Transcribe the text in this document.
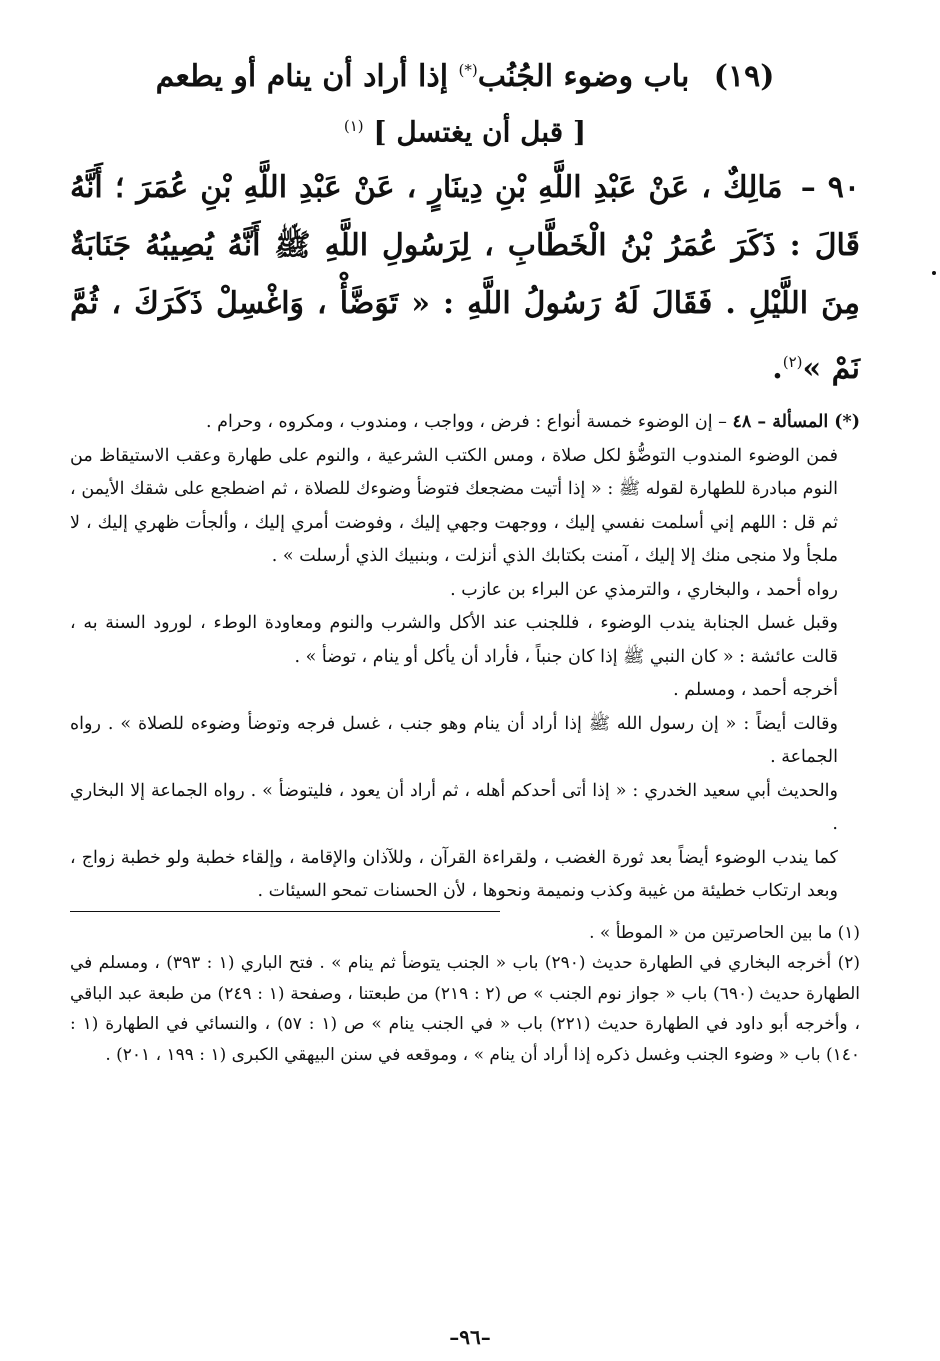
(١٩) باب وضوء الجُنُب(*) إذا أراد أن ينام أو يطعم
[ قبل أن يغتسل ] $^{(١)}$

٩٠ – مَالِكٌ ، عَنْ عَبْدِ اللَّهِ بْنِ دِينَارٍ ، عَنْ عَبْدِ اللَّهِ بْنِ عُمَرَ ؛ أَنَّهُ قَالَ : ذَكَرَ عُمَرُ بْنُ الْخَطَّابِ ، لِرَسُولِ اللَّهِ ﷺ أَنَّهُ يُصِيبُهُ جَنَابَةٌ مِنَ اللَّيْلِ . فَقَالَ لَهُ رَسُولُ اللَّهِ : « تَوَضَّأْ ، وَاغْسِلْ ذَكَرَكَ ، ثُمَّ نَمْ »$^{(٢)}$.

(*) المسألة – ٤٨ – إن الوضوء خمسة أنواع : فرض ، وواجب ، ومندوب ، ومكروه ، وحرام .

فمن الوضوء المندوب التوضُّؤ لكل صلاة ، ومس الكتب الشرعية ، والنوم على طهارة وعقب الاستيقاظ من النوم مبادرة للطهارة لقوله ﷺ : « إذا أتيت مضجعك فتوضأ وضوءك للصلاة ، ثم اضطجع على شقك الأيمن ، ثم قل : اللهم إني أسلمت نفسي إليك ، ووجهت وجهي إليك ، وفوضت أمري إليك ، وألجأت ظهري إليك ، لا ملجأ ولا منجى منك إلا إليك ، آمنت بكتابك الذي أنزلت ، وبنبيك الذي أرسلت » .

رواه أحمد ، والبخاري ، والترمذي عن البراء بن عازب .

وقبل غسل الجنابة يندب الوضوء ، فللجنب عند الأكل والشرب والنوم ومعاودة الوطء ، لورود السنة به ، قالت عائشة : « كان النبي ﷺ إذا كان جنباً ، فأراد أن يأكل أو ينام ، توضأ » .

أخرجه أحمد ، ومسلم .

وقالت أيضاً : « إن رسول الله ﷺ إذا أراد أن ينام وهو جنب ، غسل فرجه وتوضأ وضوءه للصلاة » . رواه الجماعة .

والحديث أبي سعيد الخدري : « إذا أتى أحدكم أهله ، ثم أراد أن يعود ، فليتوضأ » . رواه الجماعة إلا البخاري .

كما يندب الوضوء أيضاً بعد ثورة الغضب ، ولقراءة القرآن ، وللآذان والإقامة ، وإلقاء خطبة ولو خطبة زواج ، وبعد ارتكاب خطيئة من غيبة وكذب ونميمة ونحوها ، لأن الحسنات تمحو السيئات .

(١) ما بين الحاصرتين من « الموطأ » .

(٢) أخرجه البخاري في الطهارة حديث (٢٩٠) باب « الجنب يتوضأ ثم ينام » . فتح الباري (١ : ٣٩٣) ، ومسلم في الطهارة حديث (٦٩٠) باب « جواز نوم الجنب » ص (٢ : ٢١٩) من طبعتنا ، وصفحة (١ : ٢٤٩) من طبعة عبد الباقي ، وأخرجه أبو داود في الطهارة حديث (٢٢١) باب « في الجنب ينام » ص (١ : ٥٧) ، والنسائي في الطهارة (١ : ١٤٠) باب « وضوء الجنب وغسل ذكره إذا أراد أن ينام » ، وموقعه في سنن البيهقي الكبرى (١ : ١٩٩ ، ٢٠١) .

–٩٦–
